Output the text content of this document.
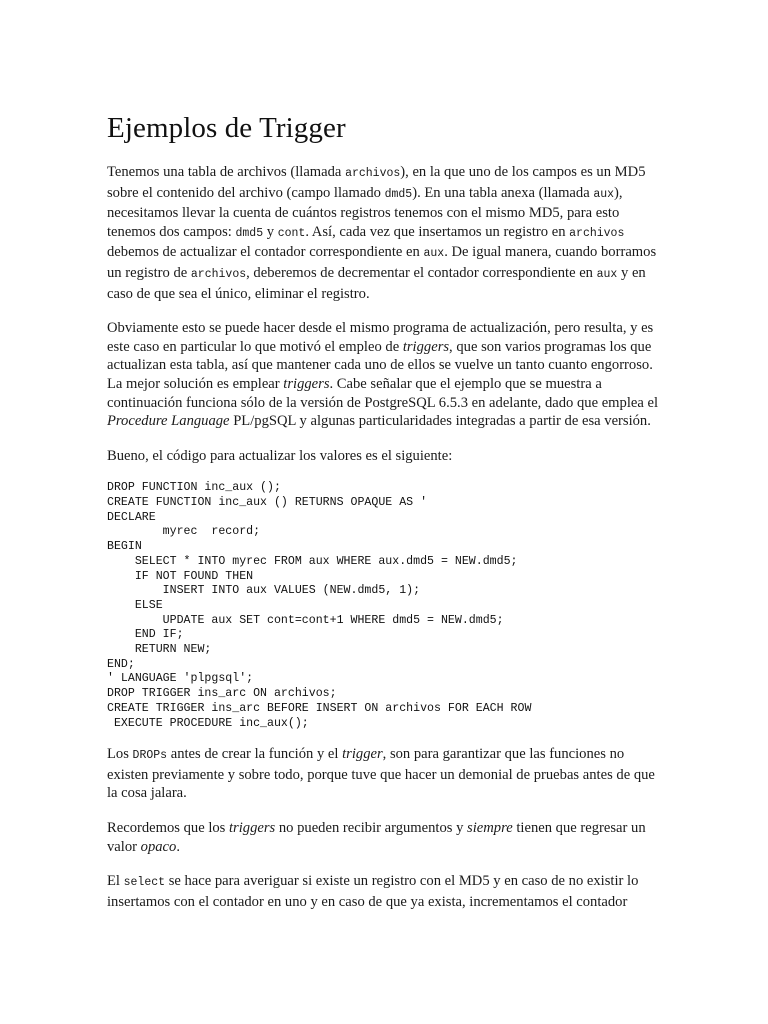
Ejemplos de Trigger

Tenemos una tabla de archivos (llamada archivos), en la que uno de los campos es un MD5 sobre el contenido del archivo (campo llamado dmd5). En una tabla anexa (llamada aux), necesitamos llevar la cuenta de cuántos registros tenemos con el mismo MD5, para esto tenemos dos campos: dmd5 y cont. Así, cada vez que insertamos un registro en archivos debemos de actualizar el contador correspondiente en aux. De igual manera, cuando borramos un registro de archivos, deberemos de decrementar el contador correspondiente en aux y en caso de que sea el único, eliminar el registro.

Obviamente esto se puede hacer desde el mismo programa de actualización, pero resulta, y es este caso en particular lo que motivó el empleo de triggers, que son varios programas los que actualizan esta tabla, así que mantener cada uno de ellos se vuelve un tanto cuanto engorroso. La mejor solución es emplear triggers. Cabe señalar que el ejemplo que se muestra a continuación funciona sólo de la versión de PostgreSQL 6.5.3 en adelante, dado que emplea el Procedure Language PL/pgSQL y algunas particularidades integradas a partir de esa versión.

Bueno, el código para actualizar los valores es el siguiente:

DROP FUNCTION inc_aux ();
CREATE FUNCTION inc_aux () RETURNS OPAQUE AS '
DECLARE
myrec  record;
BEGIN
SELECT * INTO myrec FROM aux WHERE aux.dmd5 = NEW.dmd5;
IF NOT FOUND THEN
INSERT INTO aux VALUES (NEW.dmd5, 1);
ELSE
UPDATE aux SET cont=cont+1 WHERE dmd5 = NEW.dmd5;
END IF;
RETURN NEW;
END;
' LANGUAGE 'plpgsql';
DROP TRIGGER ins_arc ON archivos;
CREATE TRIGGER ins_arc BEFORE INSERT ON archivos FOR EACH ROW
EXECUTE PROCEDURE inc_aux();

Los DROPs antes de crear la función y el trigger, son para garantizar que las funciones no existen previamente y sobre todo, porque tuve que hacer un demonial de pruebas antes de que la cosa jalara.

Recordemos que los triggers no pueden recibir argumentos y siempre tienen que regresar un valor opaco.

El select se hace para averiguar si existe un registro con el MD5 y en caso de no existir lo insertamos con el contador en uno y en caso de que ya exista, incrementamos el contador
